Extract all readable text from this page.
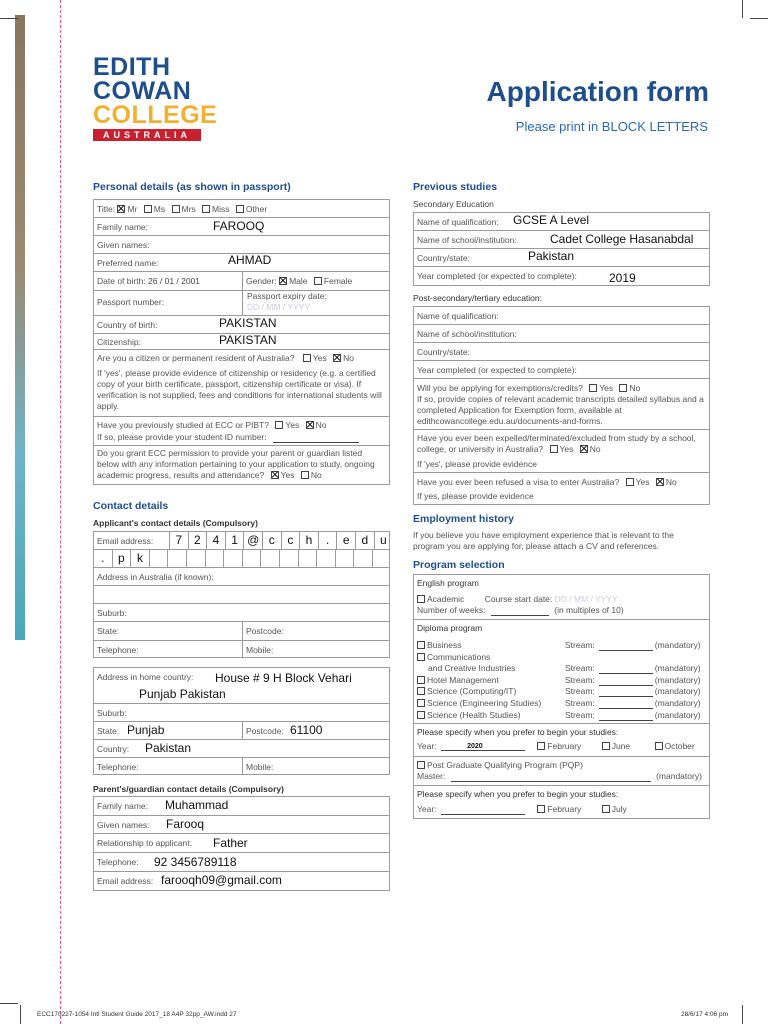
EDITH
COWAN
COLLEGE
AUSTRALIA
Application form
Please print in BLOCK LETTERS
Personal details (as shown in passport)
Title: Mr Ms Mrs Miss Other
Family name:	FAROOQ
Given names:
Preferred name:	AHMAD
Date of birth: 26 / 01 / 2001	Gender: Male Female
Passport number:
Passport expiry date:
DD / MM / YYYY
Country of birth:	PAKISTAN
Citizenship:	PAKISTAN
Are you a citizen or permanent resident of Australia? Yes No
If 'yes', please provide evidence of citizenship or residency (e.g. a certified copy of your birth certificate, passport, citizenship certificate or visa). If verification is not supplied, fees and conditions for international students will apply.
Have you previously studied at ECC or PIBT? Yes No
If so, please provide your student ID number:
Do you grant ECC permission to provide your parent or guardian listed below with any information pertaining to your application to study, ongoing academic progress, results and attendance? Yes No
Contact details
Applicant's contact details (Compulsory)
Email address:	7 2 4 1 @ c	c	h	.	e d u
.	p	k
Address in Australia (if known):
Suburb:
State:	Postcode:
Telephone:	Mobile:
Address in home country: House # 9 H Block Vehari
Punjab Pakistan
Suburb:
State: Punjab	Postcode: 61100
Country: Pakistan
Telephone:	Mobile:
Parent's/guardian contact details (Compulsory)
Family name: Muhammad
Given names: Farooq
Relationship to applicant: Father
Telephone: 92 3456789118
Email address: farooqh09@gmail.com
Previous studies
Secondary Education
Name of qualification: GCSE A Level
Name of school/institution:	Cadet College Hasanabdal
Country/state:	Pakistan
Year completed (or expected to complete):	2019
Post-secondary/tertiary education:
Name of qualification:
Name of school/institution:
Country/state:
Year completed (or expected to complete):
Will you be applying for exemptions/credits? Yes No
If so, provide copies of relevant academic transcripts detailed syllabus and a completed Application for Exemption form, available at edithcowancollege.edu.au/documents-and-forms.
Have you ever been expelled/terminated/excluded from study by a school, college, or university in Australia? Yes No
If 'yes', please provide evidence
Have you ever been refused a visa to enter Australia? Yes No
If yes, please provide evidence
Employment history
If you believe you have employment experience that is relevant to the program you are applying for, please attach a CV and references.
Program selection
English program
Academic Course start date: DD / MM / YYYY
Number of weeks:	(in multiples of 10)
Diploma program
Business	Stream:	(mandatory)
Communications
and Creative Industries	Stream:	(mandatory)
Hotel Management	Stream:	(mandatory)
Science (Computing/IT)	Stream:	(mandatory)
Science (Engineering Studies)	Stream:	(mandatory)
Science (Health Studies)	Stream:	(mandatory)
Please specify when you prefer to begin your studies:
Year:	2020	February	June	October
Post Graduate Qualifying Program (PQP)
Master:	(mandatory)
Please specify when you prefer to begin your studies:
Year:	February	July
ECC170227-1054 Intl Student Guide 2017_18 A4P 32pp_AW.indd 27	28/6/17 4:06 pm
